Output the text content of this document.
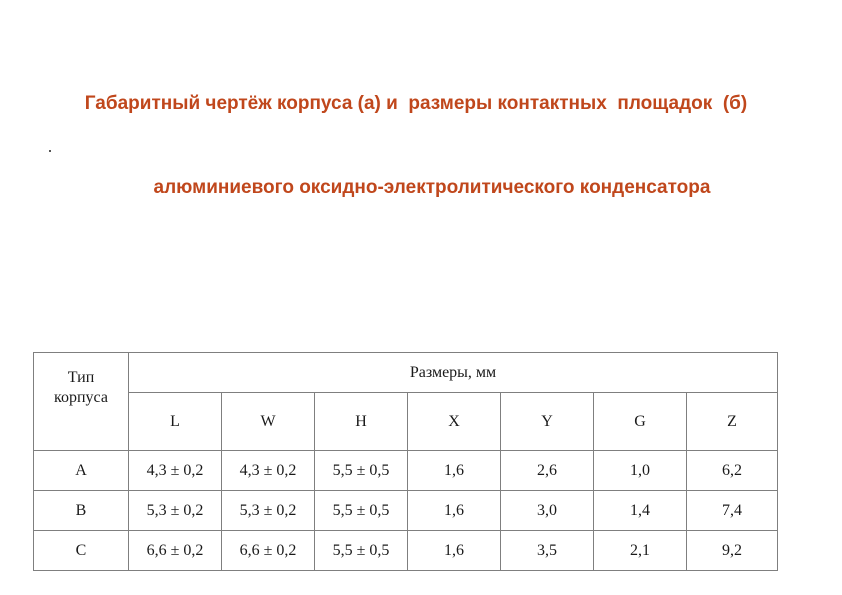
Габаритный чертёж корпуса (а) и  размеры контактных  площадок  (б)

алюминиевого оксидно-электролитического конденсатора

Тип
корпуса	Размеры, мм						
	L	W	H	X	Y	G	Z
A	4,3 ± 0,2	4,3 ± 0,2	5,5 ± 0,5	1,6	2,6	1,0	6,2
B	5,3 ± 0,2	5,3 ± 0,2	5,5 ± 0,5	1,6	3,0	1,4	7,4
C	6,6 ± 0,2	6,6 ± 0,2	5,5 ± 0,5	1,6	3,5	2,1	9,2
